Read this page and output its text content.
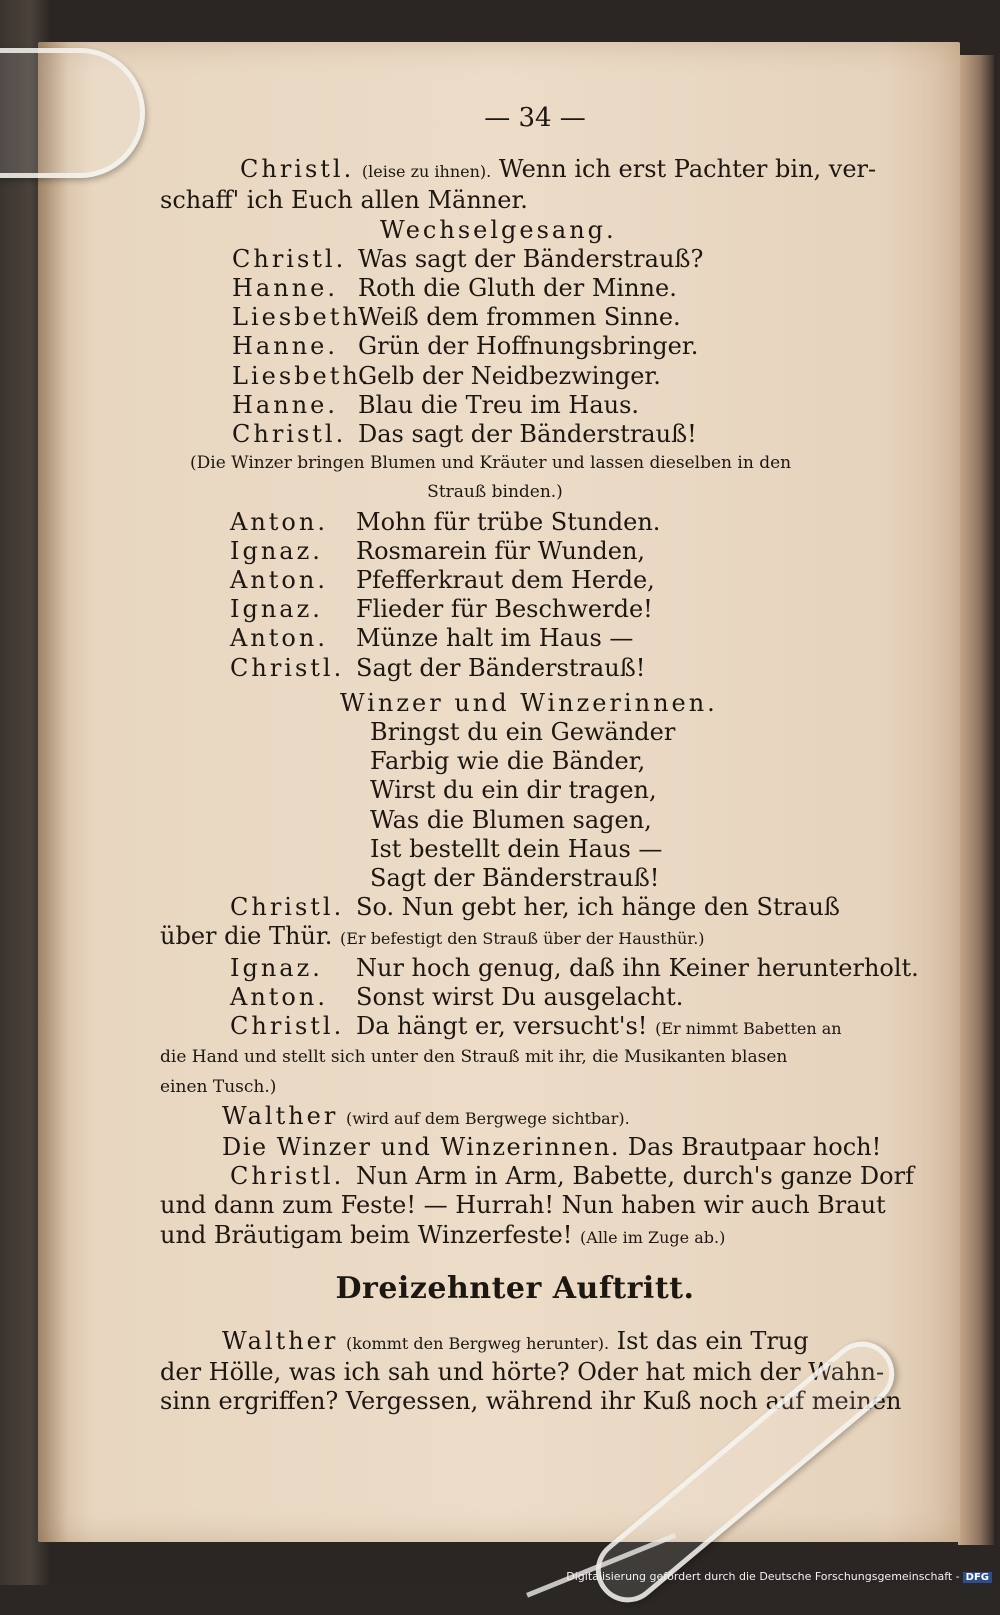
— 34 —
Christl. (leise zu ihnen). Wenn ich erst Pachter bin, ver-
schaff' ich Euch allen Männer.
Wechselgesang.
Christl. Was sagt der Bänderstrauß?
Hanne. Roth die Gluth der Minne.
Liesbeth.Weiß dem frommen Sinne.
Hanne. Grün der Hoffnungsbringer.
Liesbeth.Gelb der Neidbezwinger.
Hanne. Blau die Treu im Haus.
Christl. Das sagt der Bänderstrauß!
(Die Winzer bringen Blumen und Kräuter und lassen dieselben in den
Strauß binden.)
Anton. Mohn für trübe Stunden.
Ignaz. Rosmarein für Wunden,
Anton. Pfefferkraut dem Herde,
Ignaz. Flieder für Beschwerde!
Anton. Münze halt im Haus —
Christl. Sagt der Bänderstrauß!
Winzer und Winzerinnen.
Bringst du ein Gewänder
Farbig wie die Bänder,
Wirst du ein dir tragen,
Was die Blumen sagen,
Ist bestellt dein Haus —
Sagt der Bänderstrauß!
Christl. So. Nun gebt her, ich hänge den Strauß
über die Thür. (Er befestigt den Strauß über der Hausthür.)
Ignaz. Nur hoch genug, daß ihn Keiner herunterholt.
Anton. Sonst wirst Du ausgelacht.
Christl. Da hängt er, versucht's! (Er nimmt Babetten an
die Hand und stellt sich unter den Strauß mit ihr, die Musikanten blasen
einen Tusch.)
Walther (wird auf dem Bergwege sichtbar).
Die Winzer und Winzerinnen. Das Brautpaar hoch!
Christl. Nun Arm in Arm, Babette, durch's ganze Dorf
und dann zum Feste! — Hurrah! Nun haben wir auch Braut
und Bräutigam beim Winzerfeste! (Alle im Zuge ab.)
Dreizehnter Auftritt.
Walther (kommt den Bergweg herunter). Ist das ein Trug
der Hölle, was ich sah und hörte? Oder hat mich der Wahn-
sinn ergriffen? Vergessen, während ihr Kuß noch auf meinen
Digitalisierung gefördert durch die Deutsche Forschungsgemeinschaft - DFG
